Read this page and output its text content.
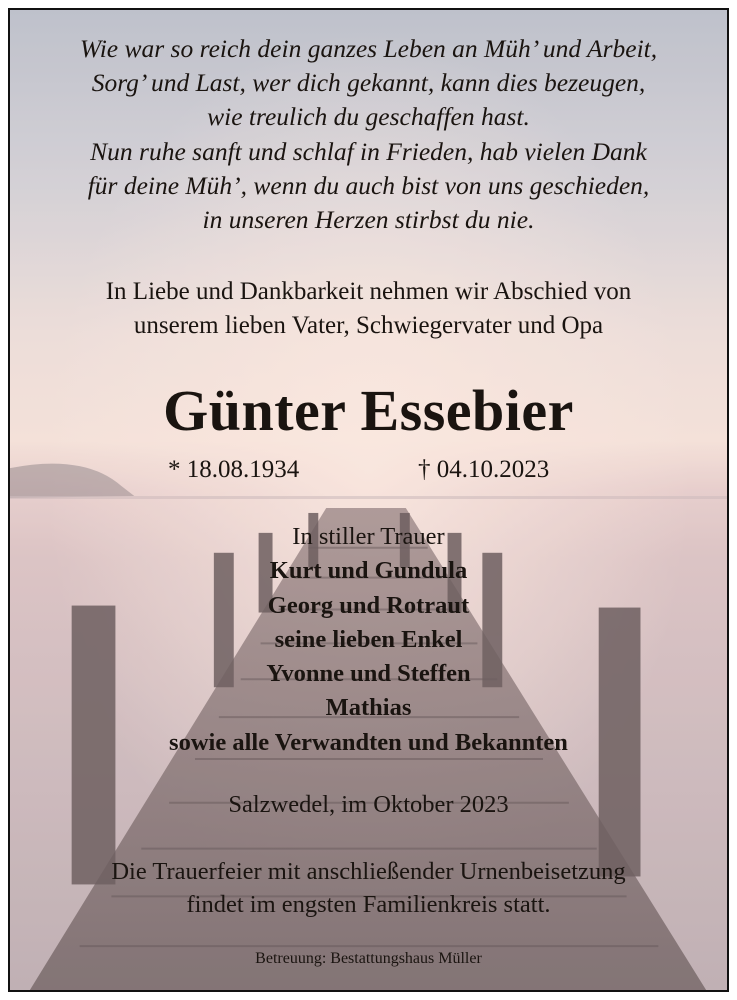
Wie war so reich dein ganzes Leben an Müh’ und Arbeit,
Sorg’ und Last, wer dich gekannt, kann dies bezeugen,
wie treulich du geschaffen hast.
Nun ruhe sanft und schlaf in Frieden, hab vielen Dank
für deine Müh’, wenn du auch bist von uns geschieden,
in unseren Herzen stirbst du nie.
In Liebe und Dankbarkeit nehmen wir Abschied von
unserem lieben Vater, Schwiegervater und Opa
Günter Essebier
* 18.08.1934	† 04.10.2023
In stiller Trauer
Kurt und Gundula
Georg und Rotraut
seine lieben Enkel
Yvonne und Steffen
Mathias
sowie alle Verwandten und Bekannten
Salzwedel, im Oktober 2023
Die Trauerfeier mit anschließender Urnenbeisetzung
findet im engsten Familienkreis statt.
Betreuung: Bestattungshaus Müller
